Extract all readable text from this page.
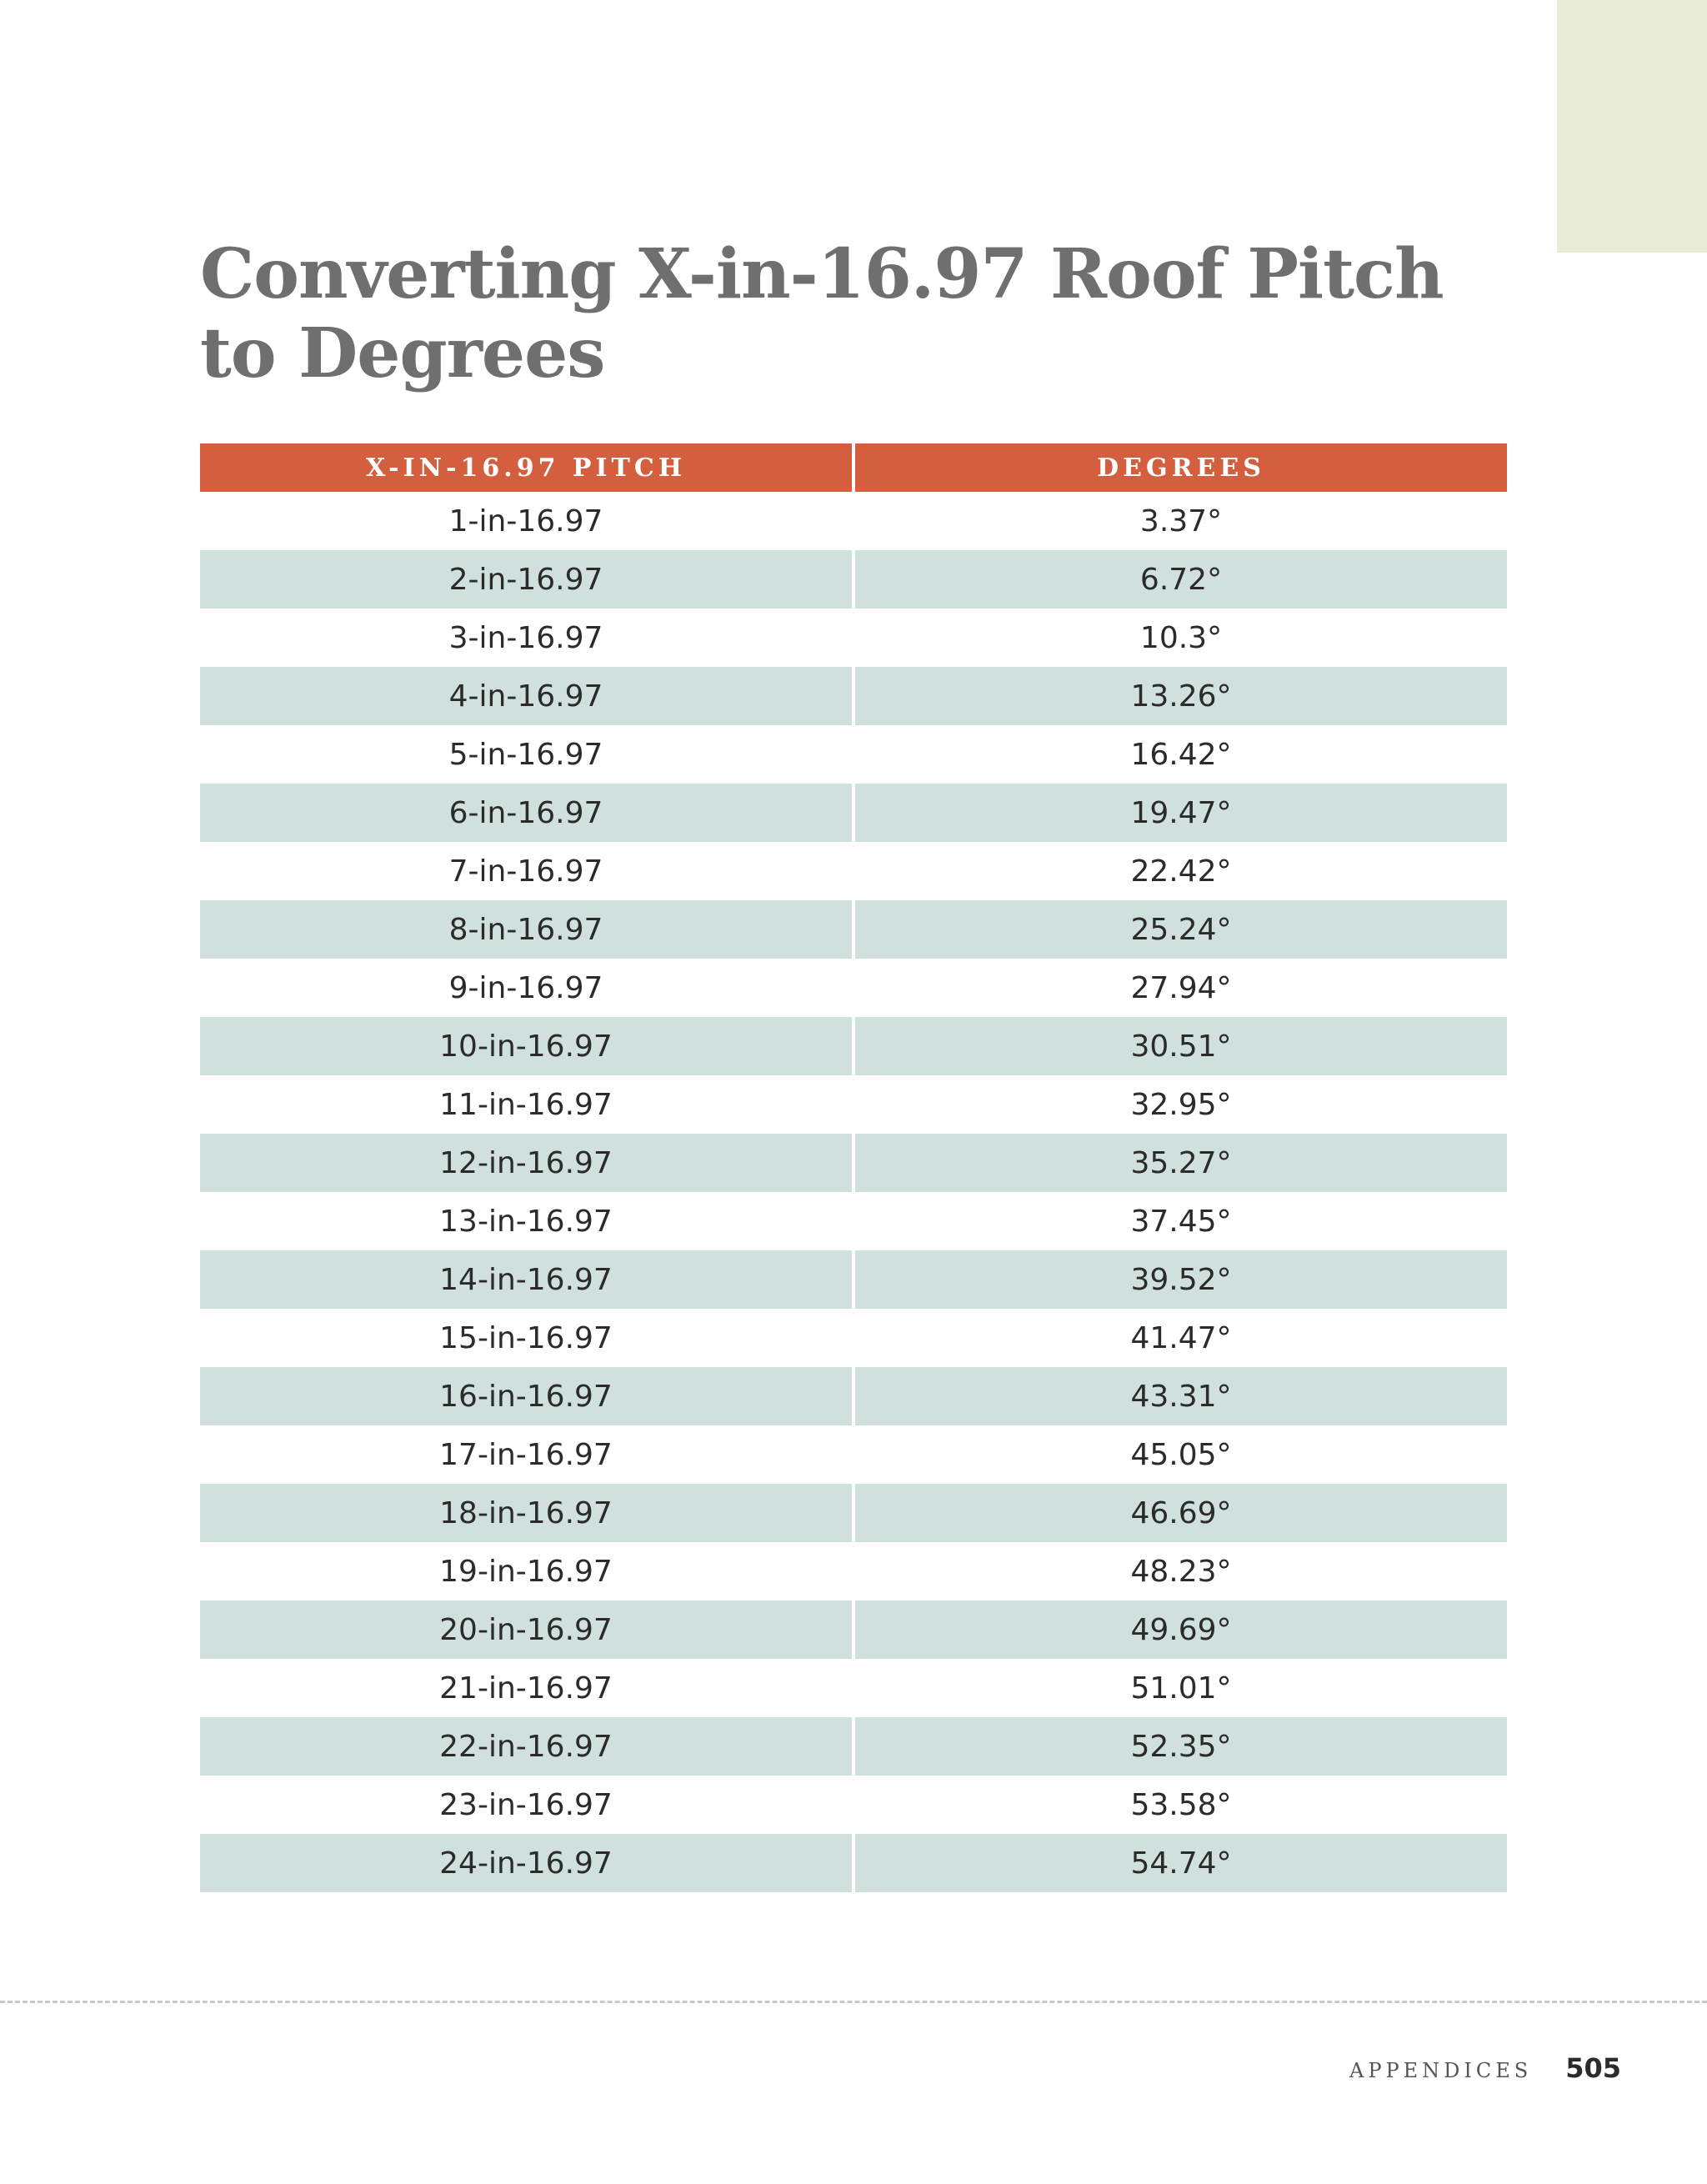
Converting X-in-16.97 Roof Pitch to Degrees
X-IN-16.97 PITCH	DEGREES
1-in-16.97	3.37°
2-in-16.97	6.72°
3-in-16.97	10.3°
4-in-16.97	13.26°
5-in-16.97	16.42°
6-in-16.97	19.47°
7-in-16.97	22.42°
8-in-16.97	25.24°
9-in-16.97	27.94°
10-in-16.97	30.51°
11-in-16.97	32.95°
12-in-16.97	35.27°
13-in-16.97	37.45°
14-in-16.97	39.52°
15-in-16.97	41.47°
16-in-16.97	43.31°
17-in-16.97	45.05°
18-in-16.97	46.69°
19-in-16.97	48.23°
20-in-16.97	49.69°
21-in-16.97	51.01°
22-in-16.97	52.35°
23-in-16.97	53.58°
24-in-16.97	54.74°
APPENDICES 505
